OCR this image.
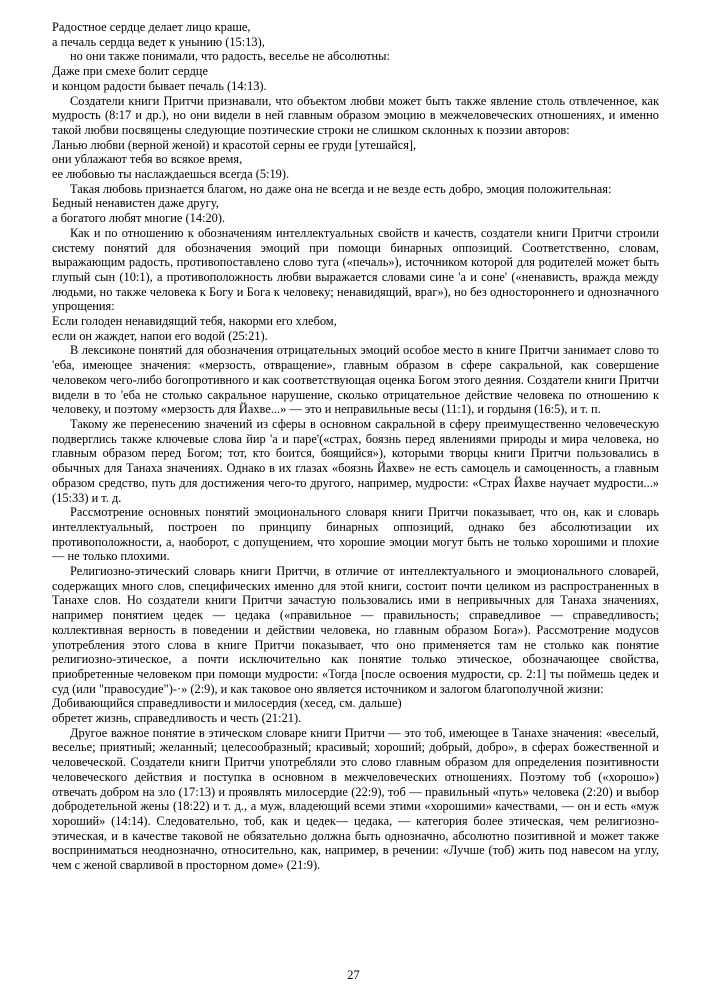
Радостное сердце делает лицо краше,

а печаль сердца ведет к унынию (15:13),

но они также понимали, что радость, веселье не абсолютны:

Даже при смехе болит сердце

и концом радости бывает печаль (14:13).

Создатели книги Притчи признавали, что объектом любви может быть также явление столь отвлеченное, как мудрость (8:17 и др.), но они видели в ней главным образом эмоцию в межчеловеческих отношениях, и именно такой любви посвящены следующие поэтические строки не слишком склонных к поэзии авторов:

Ланью любви (верной женой) и красотой серны ее груди [утешайся],

они ублажают тебя во всякое время,

ее любовью ты наслаждаешься всегда (5:19).

Такая любовь признается благом, но даже она не всегда и не везде есть добро, эмоция положительная:

Бедный ненавистен даже другу,

а богатого любят многие (14:20).

Как и по отношению к обозначениям интеллектуальных свойств и качеств, создатели книги Притчи строили систему понятий для обозначения эмоций при помощи бинарных оппозиций. Соответственно, словам, выражающим радость, противопоставлено слово туга («печаль»), источником которой для родителей может быть глупый сын (10:1), а противоположность любви выражается словами сине 'а и соне' («ненависть, вражда между людьми, но также человека к Богу и Бога к человеку; ненавидящий, враг»), но без одностороннего и однозначного упрощения:

Если голоден ненавидящий тебя, накорми его хлебом,

если он жаждет, напои его водой (25:21).

В лексиконе понятий для обозначения отрицательных эмоций особое место в книге Притчи занимает слово то 'еба, имеющее значения: «мерзость, отвращение», главным образом в сфере сакральной, как совершение человеком чего-либо богопротивного и как соответствующая оценка Богом этого деяния. Создатели книги Притчи видели в то 'еба не столько сакральное нарушение, сколько отрицательное действие человека по отношению к человеку, и поэтому «мерзость для Йахве...» — это и неправильные весы (11:1), и гордыня (16:5), и т. п.

Такому же перенесению значений из сферы в основном сакральной в сферу преимущественно человеческую подверглись также ключевые слова йир 'а и паре'(«страх, боязнь перед явлениями природы и мира человека, но главным образом перед Богом; тот, кто боится, боящийся»), которыми творцы книги Притчи пользовались в обычных для Танаха значениях. Однако в их глазах «боязнь Йахве» не есть самоцель и самоценность, а главным образом средство, путь для достижения чего-то другого, например, мудрости: «Страх Йахве научает мудрости...» (15:33) и т. д.

Рассмотрение основных понятий эмоционального словаря книги Притчи показывает, что он, как и словарь интеллектуальный, построен по принципу бинарных оппозиций, однако без абсолютизации их противоположности, а, наоборот, с допущением, что хорошие эмоции могут быть не только хорошими и плохие — не только плохими.

Религиозно-этический словарь книги Притчи, в отличие от интеллектуального и эмоционального словарей, содержащих много слов, специфических именно для этой книги, состоит почти целиком из распространенных в Танахе слов. Но создатели книги Притчи зачастую пользовались ими в непривычных для Танаха значениях, например понятием цедек — цедака («правильное — правильность; справедливое — справедливость; коллективная верность в поведении и действии человека, но главным образом Бога»). Рассмотрение модусов употребления этого слова в книге Притчи показывает, что оно применяется там не столько как понятие религиозно-этическое, а почти исключительно как понятие только этическое, обозначающее свойства, приобретенные человеком при помощи мудрости: «Тогда [после освоения мудрости, ср. 2:1] ты поймешь цедек и суд (или "правосудие")-·» (2:9), и как таковое оно является источником и залогом благополучной жизни:

Добивающийся справедливости и милосердия (хесед, см. дальше)

обретет жизнь, справедливость и честь (21:21).

Другое важное понятие в этическом словаре книги Притчи — это тоб, имеющее в Танахе значения: «веселый, веселье; приятный; желанный; целесообразный; красивый; хороший; добрый, добро», в сферах божественной и человеческой. Создатели книги Притчи употребляли это слово главным образом для определения позитивности человеческого действия и поступка в основном в межчеловеческих отношениях. Поэтому тоб («хорошо») отвечать добром на зло (17:13) и проявлять милосердие (22:9), тоб — правильный «путь» человека (2:20) и выбор добродетельной жены (18:22) и т. д., а муж, владеющий всеми этими «хорошими» качествами, — он и есть «муж хороший» (14:14). Следовательно, тоб, как и цедек— цедака, — категория более этическая, чем религиозно-этическая, и в качестве таковой не обязательно должна быть однозначно, абсолютно позитивной и может также восприниматься неоднозначно, относительно, как, например, в речении: «Лучше (тоб) жить под навесом на углу, чем с женой сварливой в просторном доме» (21:9).

27
